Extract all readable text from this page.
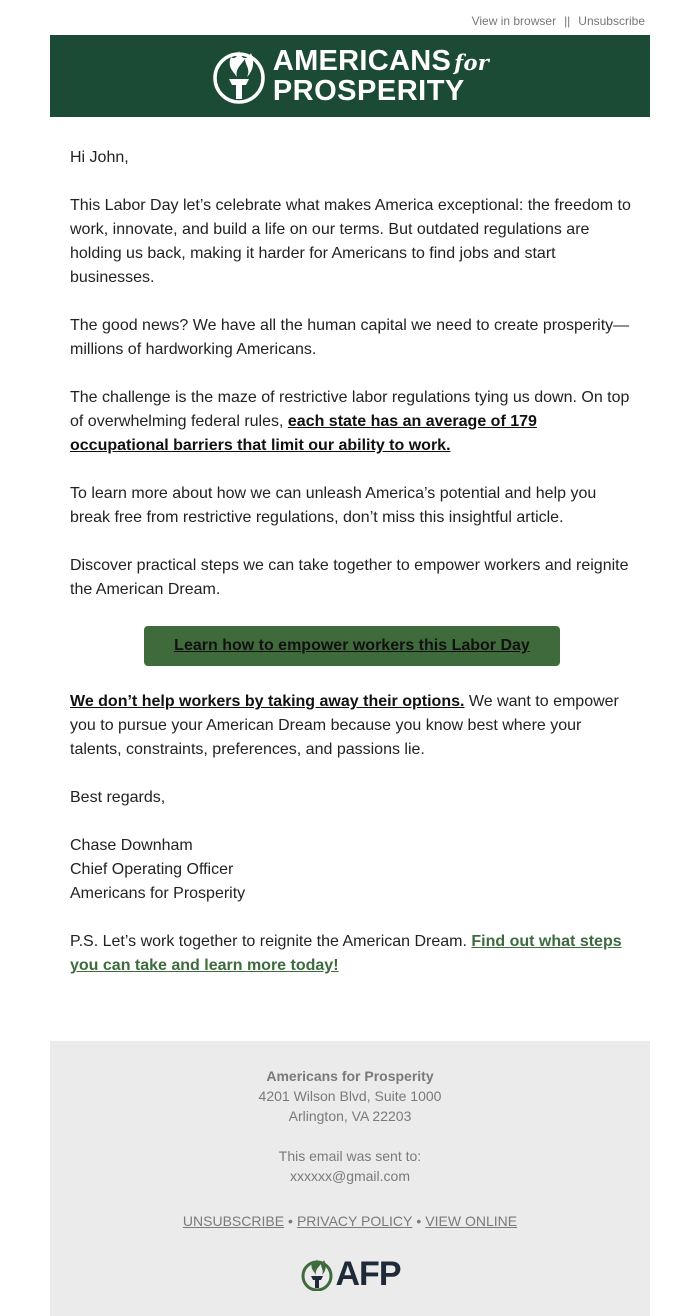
View in browser || Unsubscribe
AMERICANS for
PROSPERITY

Hi John,

This Labor Day let’s celebrate what makes America exceptional: the freedom to work, innovate, and build a life on our terms. But outdated regulations are holding us back, making it harder for Americans to find jobs and start businesses.

The good news? We have all the human capital we need to create prosperity—millions of hardworking Americans.

The challenge is the maze of restrictive labor regulations tying us down. On top of overwhelming federal rules, each state has an average of 179 occupational barriers that limit our ability to work.

To learn more about how we can unleash America’s potential and help you break free from restrictive regulations, don’t miss this insightful article.

Discover practical steps we can take together to empower workers and reignite the American Dream.

Learn how to empower workers this Labor Day

We don’t help workers by taking away their options. We want to empower you to pursue your American Dream because you know best where your talents, constraints, preferences, and passions lie.

Best regards,

Chase Downham
Chief Operating Officer
Americans for Prosperity

P.S. Let’s work together to reignite the American Dream. Find out what steps you can take and learn more today!

Americans for Prosperity
4201 Wilson Blvd, Suite 1000
Arlington, VA 22203
This email was sent to:
xxxxxx@gmail.com
UNSUBSCRIBE • PRIVACY POLICY • VIEW ONLINE
AFP
